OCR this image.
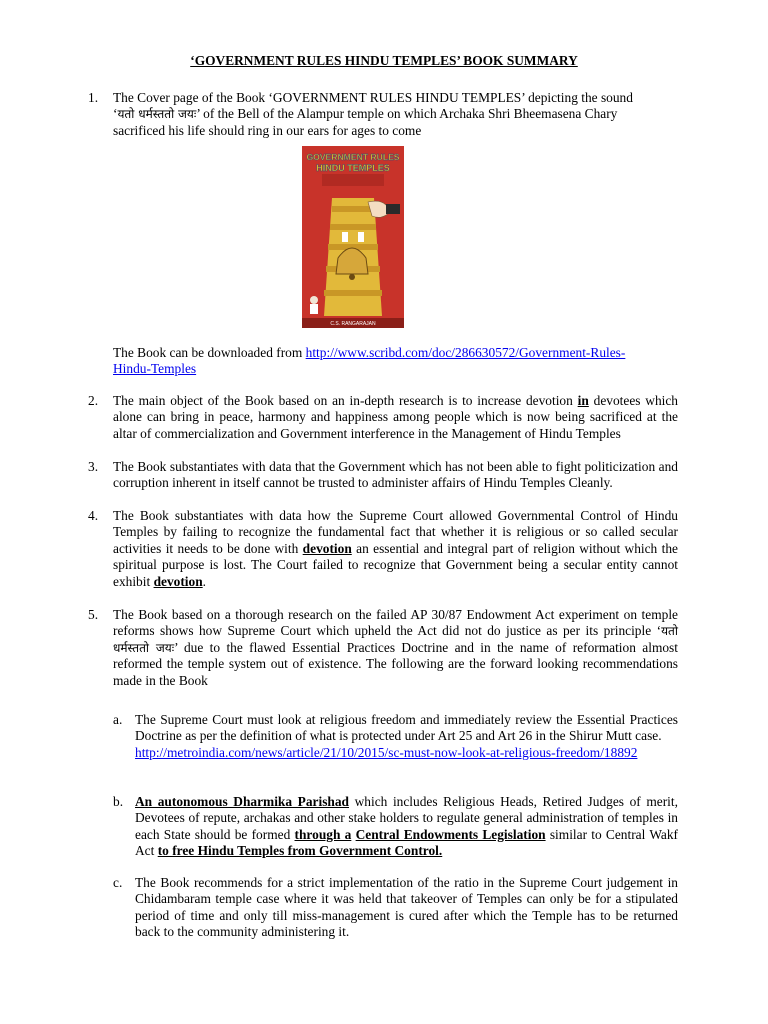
‘GOVERNMENT RULES HINDU TEMPLES’ BOOK SUMMARY
1. The Cover page of the Book ‘GOVERNMENT RULES HINDU TEMPLES’ depicting the sound
‘यतो धर्मस्ततो जयः’ of the Bell of the Alampur temple on which Archaka Shri Bheemasena Chary
sacrificed his life should ring in our ears for ages to come
GOVERNMENT RULES
HINDU TEMPLES
C.S. RANGARAJAN
The Book can be downloaded from http://www.scribd.com/doc/286630572/Government-Rules-
Hindu-Temples
2. The main object of the Book based on an in-depth research is to increase devotion in devotees which alone can bring in peace, harmony and happiness among people which is now being sacrificed at the altar of commercialization and Government interference in the Management of Hindu Temples
3. The Book substantiates with data that the Government which has not been able to fight politicization and corruption inherent in itself cannot be trusted to administer affairs of Hindu Temples Cleanly.
4. The Book substantiates with data how the Supreme Court allowed Governmental Control of Hindu Temples by failing to recognize the fundamental fact that whether it is religious or so called secular activities it needs to be done with devotion an essential and integral part of religion without which the spiritual purpose is lost. The Court failed to recognize that Government being a secular entity cannot exhibit devotion.
5. The Book based on a thorough research on the failed AP 30/87 Endowment Act experiment on temple reforms shows how Supreme Court which upheld the Act did not do justice as per its principle ‘यतो धर्मस्ततो जयः’ due to the flawed Essential Practices Doctrine and in the name of reformation almost reformed the temple system out of existence. The following are the forward looking recommendations made in the Book
a. The Supreme Court must look at religious freedom and immediately review the Essential Practices Doctrine as per the definition of what is protected under Art 25 and Art 26 in the Shirur Mutt case.
http://metroindia.com/news/article/21/10/2015/sc-must-now-look-at-religious-freedom/18892
b. An autonomous Dharmika Parishad which includes Religious Heads, Retired Judges of merit, Devotees of repute, archakas and other stake holders to regulate general administration of temples in each State should be formed through a Central Endowments Legislation similar to Central Wakf Act to free Hindu Temples from Government Control.
c. The Book recommends for a strict implementation of the ratio in the Supreme Court judgement in Chidambaram temple case where it was held that takeover of Temples can only be for a stipulated period of time and only till miss-management is cured after which the Temple has to be returned back to the community administering it.
